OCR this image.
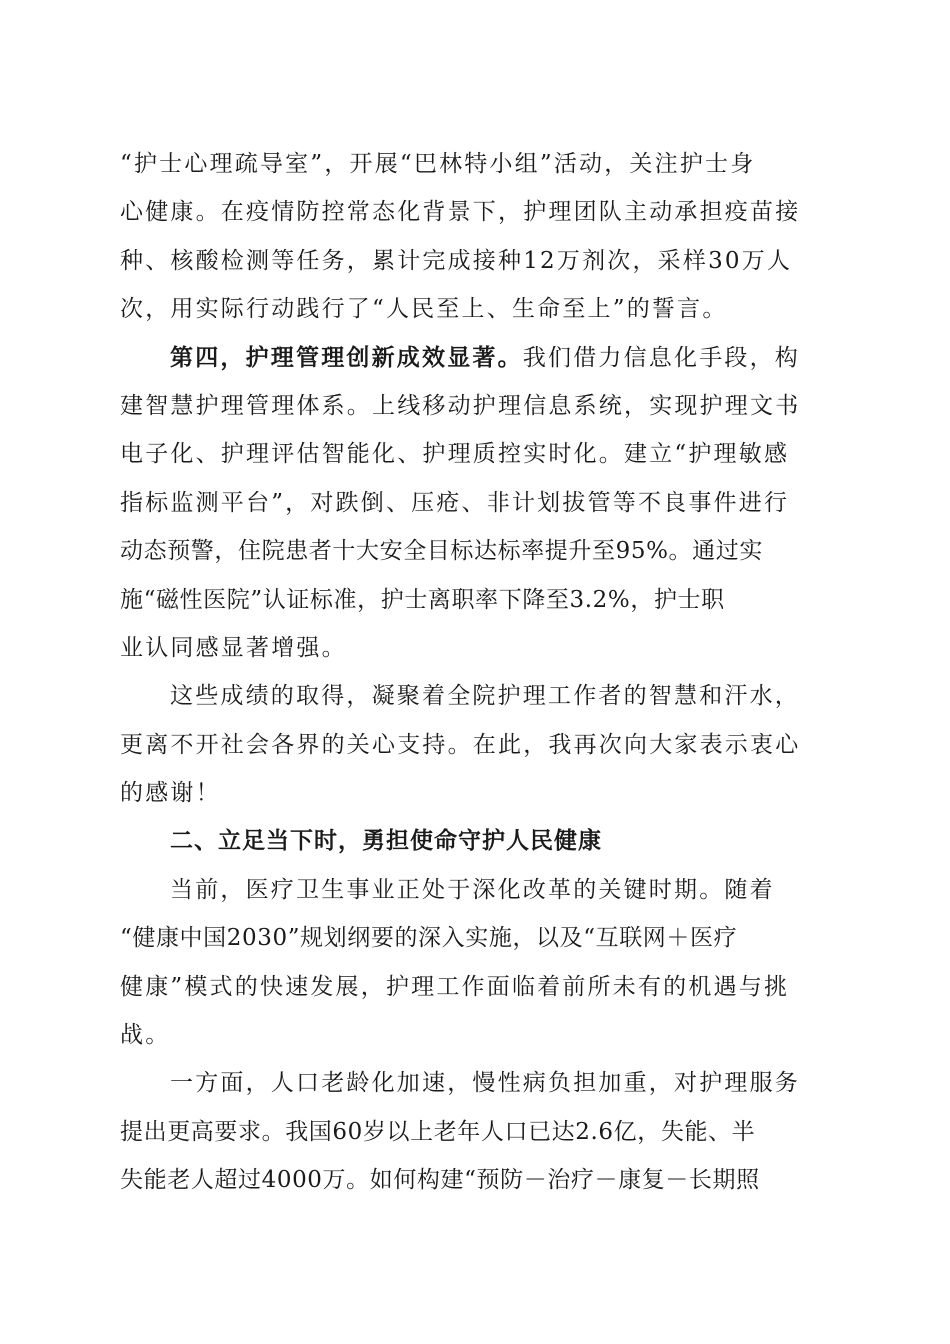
“护士心理疏导室”，开展“巴林特小组”活动，关注护士身
心健康。在疫情防控常态化背景下，护理团队主动承担疫苗接
种、核酸检测等任务，累计完成接种12万剂次，采样30万人
次，用实际行动践行了“人民至上、生命至上”的誓言。
第四，护理管理创新成效显著。我们借力信息化手段，构
建智慧护理管理体系。上线移动护理信息系统，实现护理文书
电子化、护理评估智能化、护理质控实时化。建立“护理敏感
指标监测平台”，对跌倒、压疮、非计划拔管等不良事件进行
动态预警，住院患者十大安全目标达标率提升至95%。通过实
施“磁性医院”认证标准，护士离职率下降至3.2%，护士职
业认同感显著增强。
这些成绩的取得，凝聚着全院护理工作者的智慧和汗水，
更离不开社会各界的关心支持。在此，我再次向大家表示衷心
的感谢！
二、立足当下时，勇担使命守护人民健康
当前，医疗卫生事业正处于深化改革的关键时期。随着
“健康中国2030”规划纲要的深入实施，以及“互联网＋医疗
健康”模式的快速发展，护理工作面临着前所未有的机遇与挑
战。
一方面，人口老龄化加速，慢性病负担加重，对护理服务
提出更高要求。我国60岁以上老年人口已达2.6亿，失能、半
失能老人超过4000万。如何构建“预防－治疗－康复－长期照
